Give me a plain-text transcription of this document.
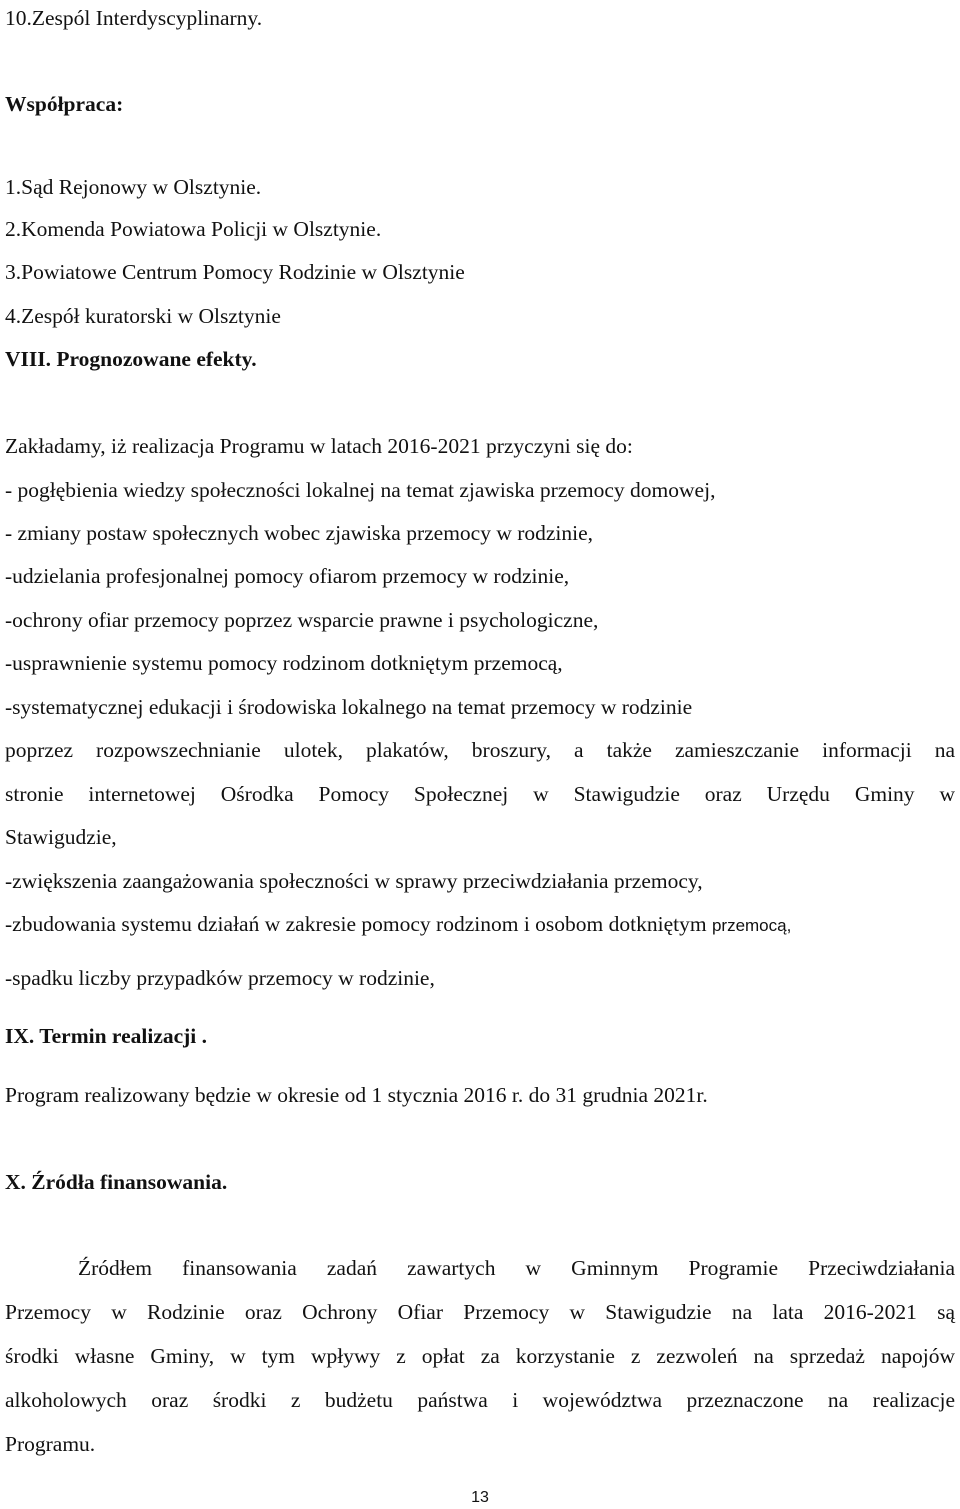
10.Zespól Interdyscyplinarny.
Współpraca:
1.Sąd Rejonowy w Olsztynie.
2.Komenda Powiatowa Policji w Olsztynie.
3.Powiatowe Centrum Pomocy Rodzinie w Olsztynie
4.Zespół kuratorski w Olsztynie
VIII. Prognozowane efekty.
Zakładamy, iż realizacja Programu w latach 2016-2021 przyczyni się do:
- pogłębienia wiedzy społeczności lokalnej na temat zjawiska przemocy domowej,
- zmiany postaw społecznych wobec zjawiska przemocy w rodzinie,
-udzielania profesjonalnej pomocy ofiarom przemocy w rodzinie,
-ochrony ofiar przemocy poprzez wsparcie prawne i psychologiczne,
-usprawnienie systemu pomocy rodzinom dotkniętym przemocą,
-systematycznej edukacji i środowiska lokalnego na temat przemocy w rodzinie
poprzez rozpowszechnianie ulotek, plakatów, broszury, a także zamieszczanie informacji na
stronie internetowej Ośrodka Pomocy Społecznej w Stawigudzie oraz Urzędu Gminy w
Stawigudzie,
-zwiększenia zaangażowania społeczności w sprawy przeciwdziałania przemocy,
-zbudowania systemu działań w zakresie pomocy rodzinom i osobom dotkniętym przemocą,
-spadku liczby przypadków przemocy w rodzinie,
IX. Termin realizacji .
Program realizowany będzie w okresie od 1 stycznia 2016 r. do 31 grudnia 2021r.
X. Źródła finansowania.
Źródłem finansowania zadań zawartych w Gminnym Programie Przeciwdziałania
Przemocy w Rodzinie oraz Ochrony Ofiar Przemocy w Stawigudzie na lata 2016-2021 są
środki własne Gminy, w tym wpływy z opłat za korzystanie z zezwoleń na sprzedaż napojów
alkoholowych oraz środki z budżetu państwa i województwa przeznaczone na realizacje
Programu.
13
